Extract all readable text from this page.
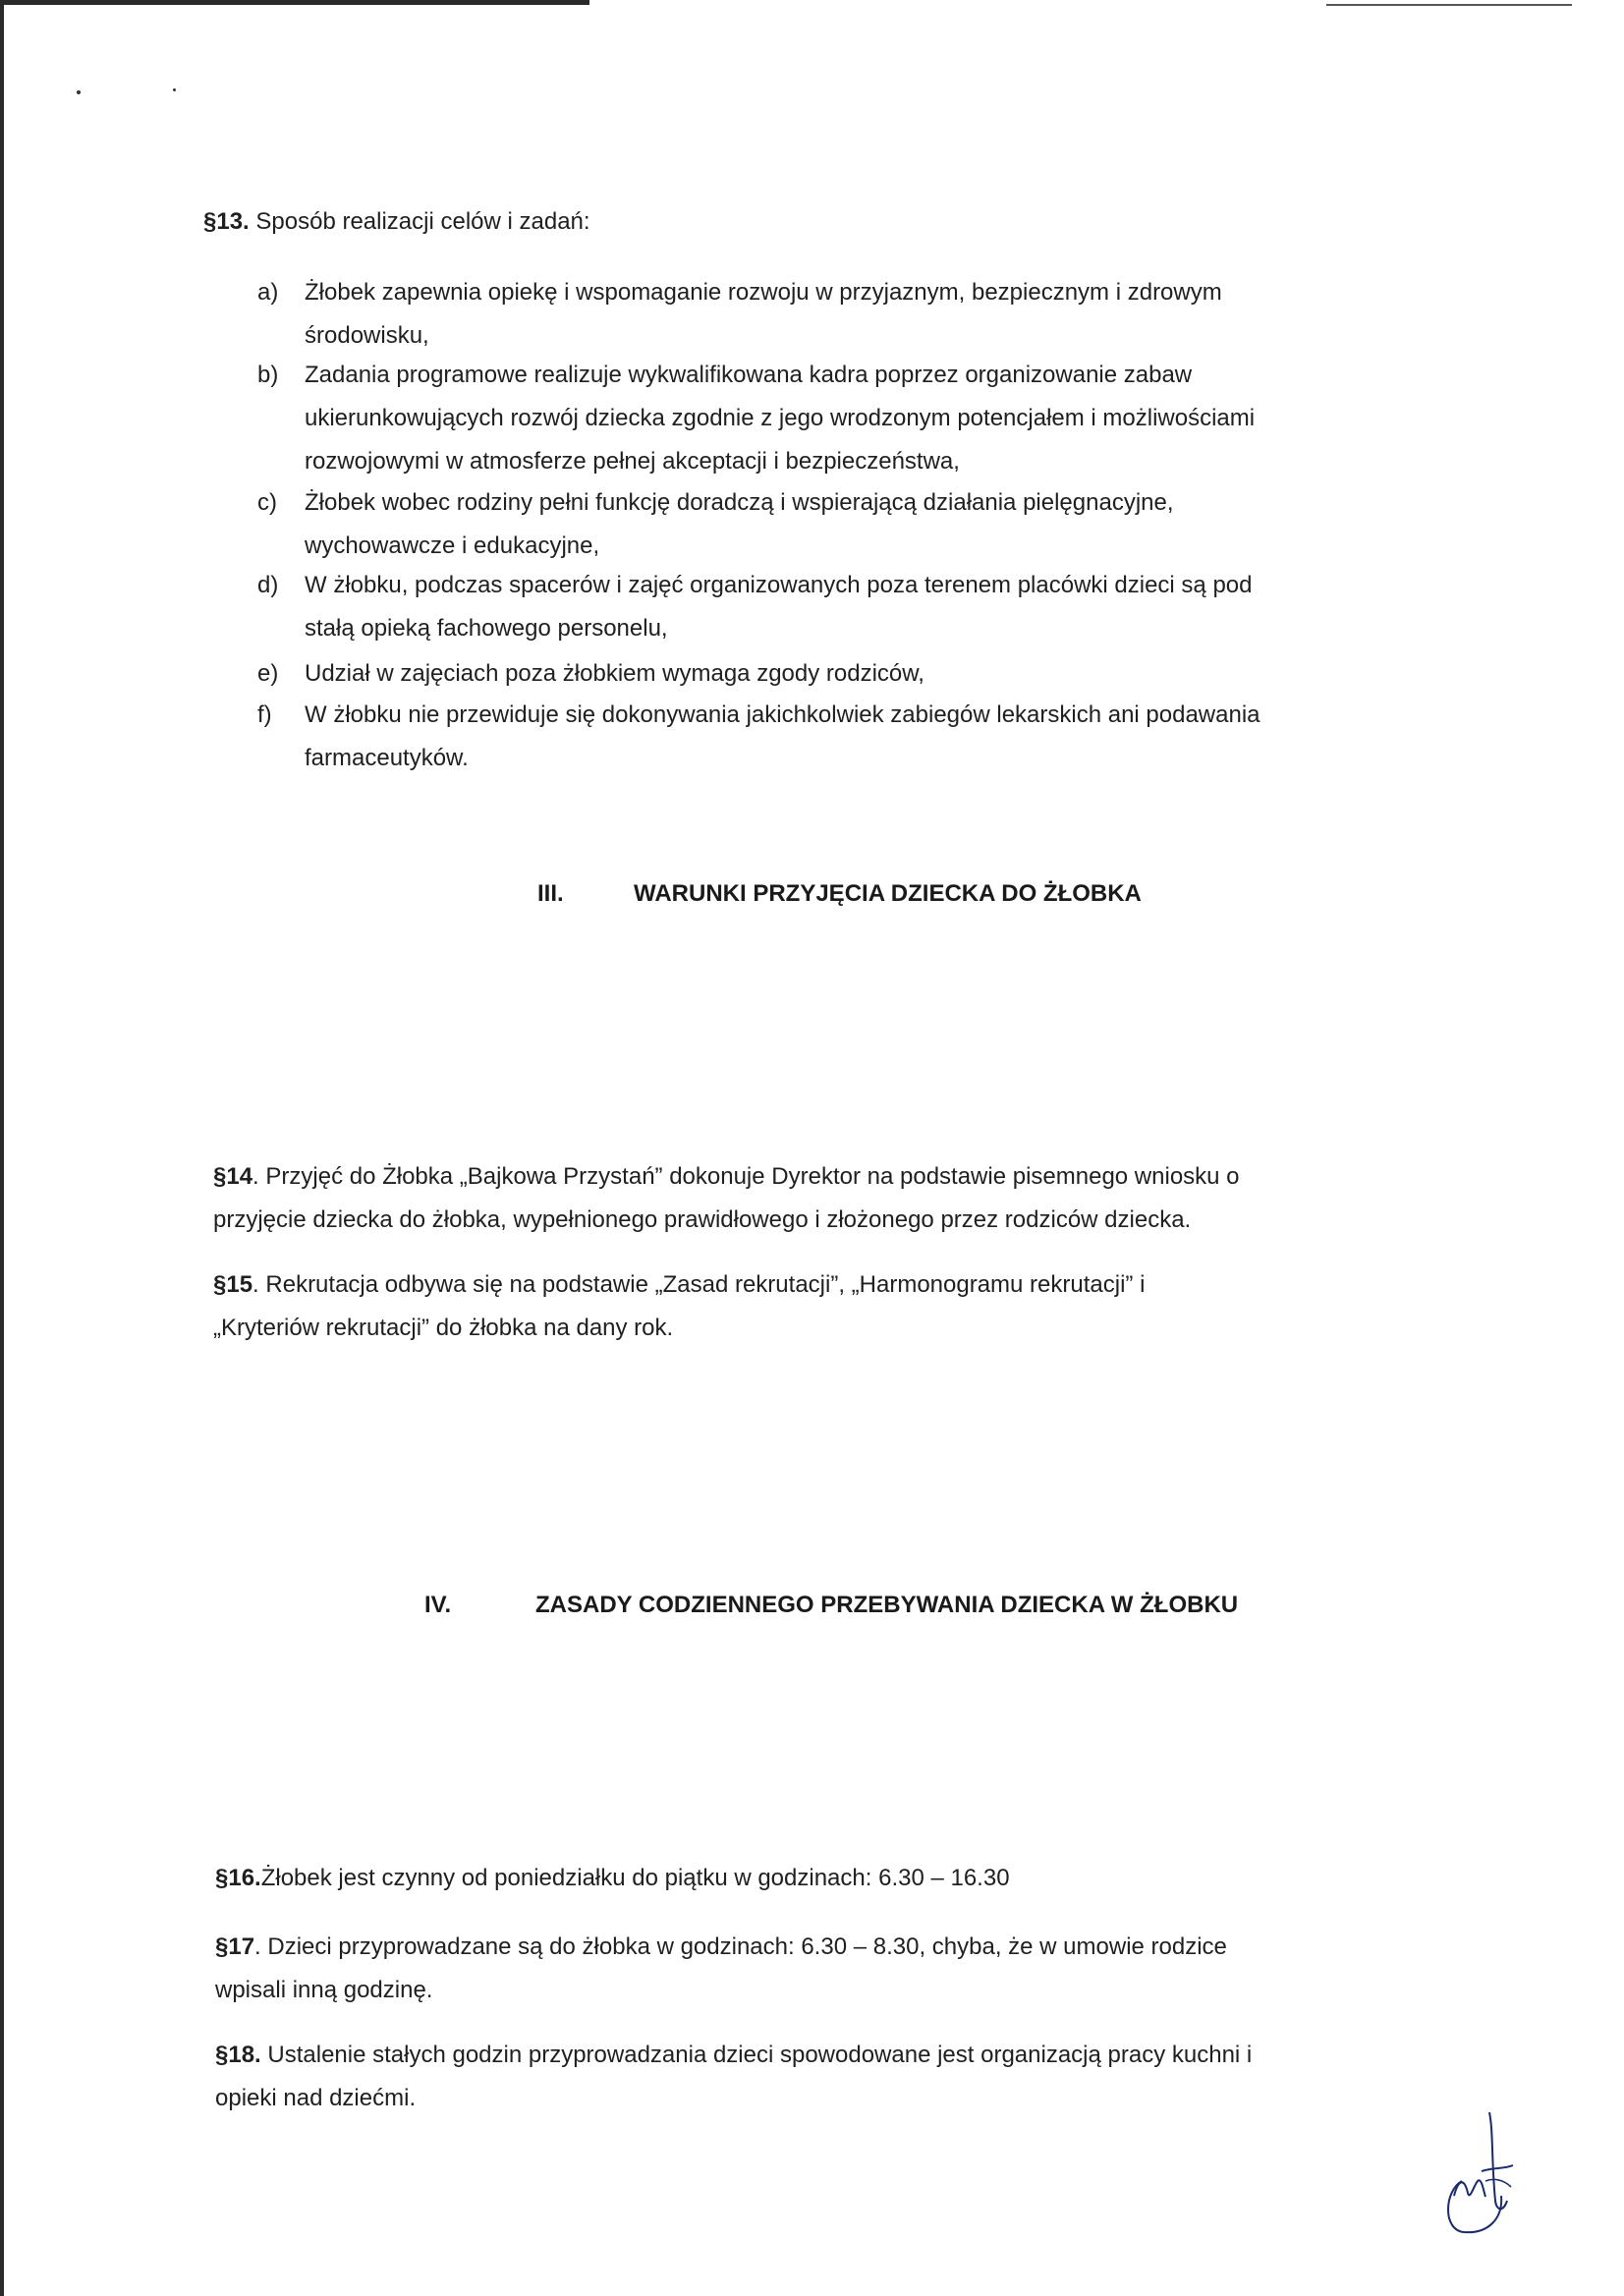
§13. Sposób realizacji celów i zadań:
a)	Żłobek zapewnia opiekę i wspomaganie rozwoju w przyjaznym, bezpiecznym i zdrowym
środowisku,
b)	Zadania programowe realizuje wykwalifikowana kadra poprzez organizowanie zabaw
ukierunkowujących rozwój dziecka zgodnie z jego wrodzonym potencjałem i możliwościami
rozwojowymi w atmosferze pełnej akceptacji i bezpieczeństwa,
c)	Żłobek wobec rodziny pełni funkcję doradczą i wspierającą działania pielęgnacyjne,
wychowawcze i edukacyjne,
d)	W żłobku, podczas spacerów i zajęć organizowanych poza terenem placówki dzieci są pod
stałą opieką fachowego personelu,
e)	Udział w zajęciach poza żłobkiem wymaga zgody rodziców,
f)	W żłobku nie przewiduje się dokonywania jakichkolwiek zabiegów lekarskich ani podawania
farmaceutyków.
III.	WARUNKI PRZYJĘCIA DZIECKA DO ŻŁOBKA
§14. Przyjęć do Żłobka „Bajkowa Przystań” dokonuje Dyrektor na podstawie pisemnego wniosku o
przyjęcie dziecka do żłobka, wypełnionego prawidłowego i złożonego przez rodziców dziecka.
§15. Rekrutacja odbywa się na podstawie „Zasad rekrutacji”, „Harmonogramu rekrutacji” i
„Kryteriów rekrutacji” do żłobka na dany rok.
IV.	ZASADY CODZIENNEGO PRZEBYWANIA DZIECKA W ŻŁOBKU
§16.Żłobek jest czynny od poniedziałku do piątku w godzinach: 6.30 – 16.30
§17. Dzieci przyprowadzane są do żłobka w godzinach: 6.30 – 8.30, chyba, że w umowie rodzice
wpisali inną godzinę.
§18. Ustalenie stałych godzin przyprowadzania dzieci spowodowane jest organizacją pracy kuchni i
opieki nad dziećmi.
